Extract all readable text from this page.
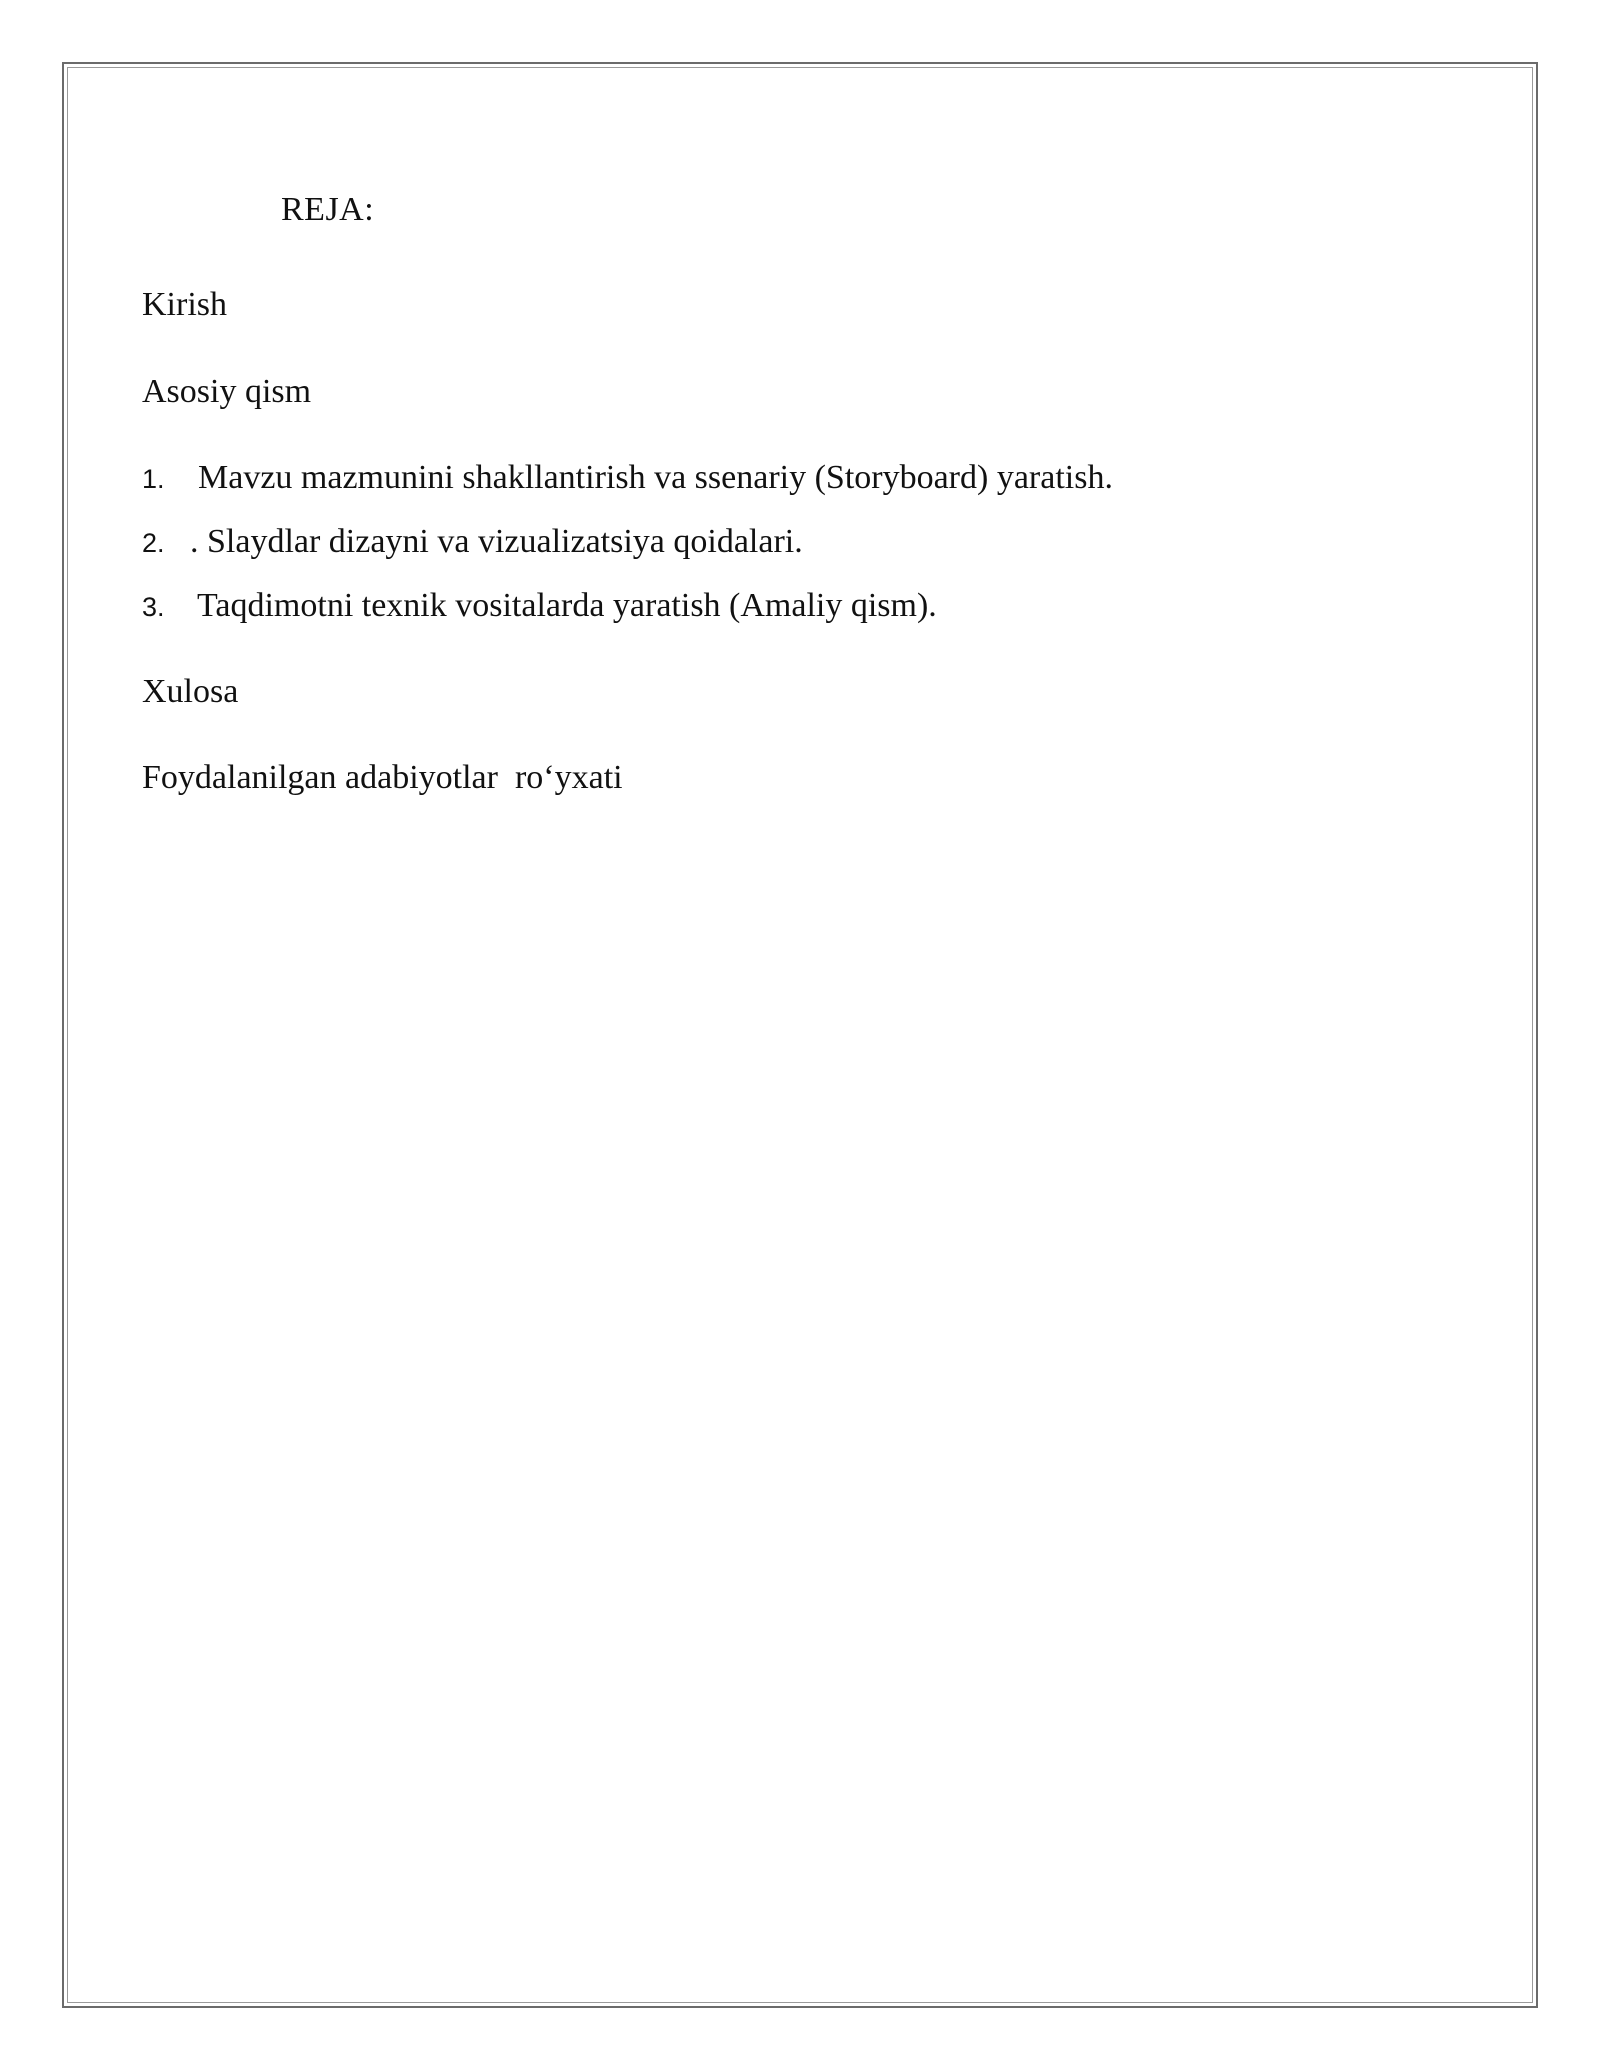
REJA:
Kirish
Asosiy qism
1. Mavzu mazmunini shakllantirish va ssenariy (Storyboard) yaratish.
2. . Slaydlar dizayni va vizualizatsiya qoidalari.
3. Taqdimotni texnik vositalarda yaratish (Amaliy qism).
Xulosa
Foydalanilgan adabiyotlar  ro‘yxati
